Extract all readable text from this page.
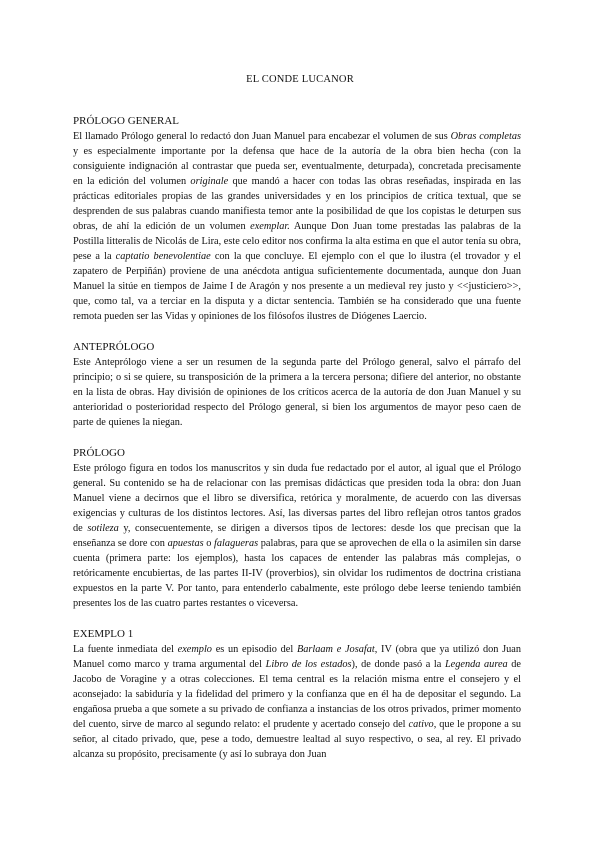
EL CONDE LUCANOR
PRÓLOGO GENERAL
El llamado Prólogo general lo redactó don Juan Manuel para encabezar el volumen de sus Obras completas y es especialmente importante por la defensa que hace de la autoría de la obra bien hecha (con la consiguiente indignación al contrastar que pueda ser, eventualmente, deturpada), concretada precisamente en la edición del volumen originale que mandó a hacer con todas las obras reseñadas, inspirada en las prácticas editoriales propias de las grandes universidades y en los principios de crítica textual, que se desprenden de sus palabras cuando manifiesta temor ante la posibilidad de que los copistas le deturpen sus obras, de ahí la edición de un volumen exemplar. Aunque Don Juan tome prestadas las palabras de la Postilla litteralis de Nicolás de Lira, este celo editor nos confirma la alta estima en que el autor tenía su obra, pese a la captatio benevolentiae con la que concluye. El ejemplo con el que lo ilustra (el trovador y el zapatero de Perpiñán) proviene de una anécdota antigua suficientemente documentada, aunque don Juan Manuel la sitúe en tiempos de Jaime I de Aragón y nos presente a un medieval rey justo y <<justiciero>>, que, como tal, va a terciar en la disputa y a dictar sentencia. También se ha considerado que una fuente remota pueden ser las Vidas y opiniones de los filósofos ilustres de Diógenes Laercio.
ANTEPRÓLOGO
Este Anteprólogo viene a ser un resumen de la segunda parte del Prólogo general, salvo el párrafo del principio; o si se quiere, su transposición de la primera a la tercera persona; difiere del anterior, no obstante en la lista de obras. Hay división de opiniones de los críticos acerca de la autoría de don Juan Manuel y su anterioridad o posterioridad respecto del Prólogo general, si bien los argumentos de mayor peso caen de parte de quienes la niegan.
PRÓLOGO
Este prólogo figura en todos los manuscritos y sin duda fue redactado por el autor, al igual que el Prólogo general. Su contenido se ha de relacionar con las premisas didácticas que presiden toda la obra: don Juan Manuel viene a decirnos que el libro se diversifica, retórica y moralmente, de acuerdo con las diversas exigencias y culturas de los distintos lectores. Así, las diversas partes del libro reflejan otros tantos grados de sotileza y, consecuentemente, se dirigen a diversos tipos de lectores: desde los que precisan que la enseñanza se dore con apuestas o falagueras palabras, para que se aprovechen de ella o la asimilen sin darse cuenta (primera parte: los ejemplos), hasta los capaces de entender las palabras más complejas, o retóricamente encubiertas, de las partes II-IV (proverbios), sin olvidar los rudimentos de doctrina cristiana expuestos en la parte V. Por tanto, para entenderlo cabalmente, este prólogo debe leerse teniendo también presentes los de las cuatro partes restantes o viceversa.
EXEMPLO 1
La fuente inmediata del exemplo es un episodio del Barlaam e Josafat, IV (obra que ya utilizó don Juan Manuel como marco y trama argumental del Libro de los estados), de donde pasó a la Legenda aurea de Jacobo de Voragine y a otras colecciones. El tema central es la relación misma entre el consejero y el aconsejado: la sabiduría y la fidelidad del primero y la confianza que en él ha de depositar el segundo. La engañosa prueba a que somete a su privado de confianza a instancias de los otros privados, primer momento del cuento, sirve de marco al segundo relato: el prudente y acertado consejo del cativo, que le propone a su señor, al citado privado, que, pese a todo, demuestre lealtad al suyo respectivo, o sea, al rey. El privado alcanza su propósito, precisamente (y así lo subraya don Juan
